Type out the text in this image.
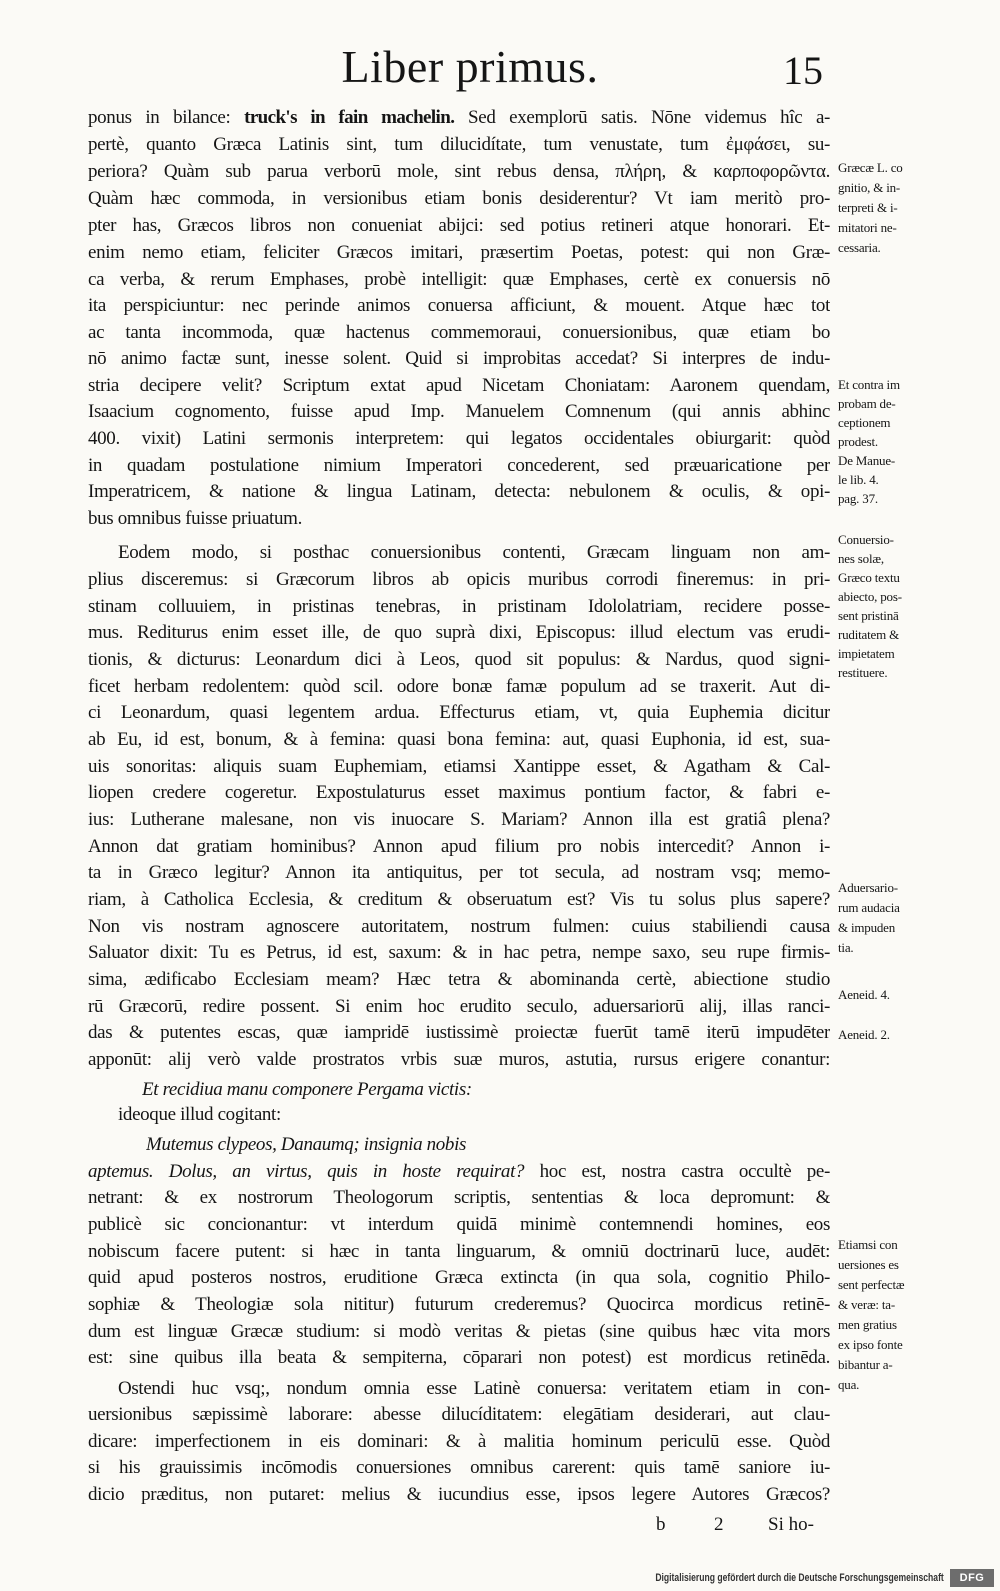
Liber primus.	15
ponus in bilance: truck's in fain machelin. Sed exemplorū satis. Nōne videmus hîc a-
pertè, quanto Græca Latinis sint, tum dilucidítate, tum venustate, tum ἐμφάσει, su-
periora? Quàm sub parua verborū mole, sint rebus densa, πλήρη, & καρποφορῶντα.
Quàm hæc commoda, in versionibus etiam bonis desiderentur? Vt iam meritò pro-
pter has, Græcos libros non conueniat abijci: sed potius retineri atque honorari. Et-
enim nemo etiam, feliciter Græcos imitari, præsertim Poetas, potest: qui non Græ-
ca verba, & rerum Emphases, probè intelligit: quæ Emphases, certè ex conuersis nō
ita perspiciuntur: nec perinde animos conuersa afficiunt, & mouent. Atque hæc tot
ac tanta incommoda, quæ hactenus commemoraui, conuersionibus, quæ etiam bo
nō animo factæ sunt, inesse solent. Quid si improbitas accedat? Si interpres de indu-
stria decipere velit? Scriptum extat apud Nicetam Choniatam: Aaronem quendam,
Isaacium cognomento, fuisse apud Imp. Manuelem Comnenum (qui annis abhinc
400. vixit) Latini sermonis interpretem: qui legatos occidentales obiurgarit: quòd
in quadam postulatione nimium Imperatori concederent, sed præuaricatione per
Imperatricem, & natione & lingua Latinam, detecta: nebulonem & oculis, & opi-
bus omnibus fuisse priuatum.
Eodem modo, si posthac conuersionibus contenti, Græcam linguam non am-
plius disceremus: si Græcorum libros ab opicis muribus corrodi fineremus: in pri-
stinam colluuiem, in pristinas tenebras, in pristinam Idololatriam, recidere posse-
mus. Rediturus enim esset ille, de quo suprà dixi, Episcopus: illud electum vas erudi-
tionis, & dicturus: Leonardum dici à Leos, quod sit populus: & Nardus, quod signi-
ficet herbam redolentem: quòd scil. odore bonæ famæ populum ad se traxerit. Aut di-
ci Leonardum, quasi legentem ardua. Effecturus etiam, vt, quia Euphemia dicitur
ab Eu, id est, bonum, & à femina: quasi bona femina: aut, quasi Euphonia, id est, sua-
uis sonoritas: aliquis suam Euphemiam, etiamsi Xantippe esset, & Agatham & Cal-
liopen credere cogeretur. Expostulaturus esset maximus pontium factor, & fabri e-
ius: Lutherane malesane, non vis inuocare S. Mariam? Annon illa est gratiâ plena?
Annon dat gratiam hominibus? Annon apud filium pro nobis intercedit? Annon i-
ta in Græco legitur? Annon ita antiquitus, per tot secula, ad nostram vsq; memo-
riam, à Catholica Ecclesia, & creditum & obseruatum est? Vis tu solus plus sapere?
Non vis nostram agnoscere autoritatem, nostrum fulmen: cuius stabiliendi causa
Saluator dixit: Tu es Petrus, id est, saxum: & in hac petra, nempe saxo, seu rupe firmis-
sima, ædificabo Ecclesiam meam? Hæc tetra & abominanda certè, abiectione studio
rū Græcorū, redire possent. Si enim hoc erudito seculo, aduersariorū alij, illas ranci-
das & putentes escas, quæ iampridē iustissimè proiectæ fuerūt tamē iterū impudēter
apponūt: alij verò valde prostratos vrbis suæ muros, astutia, rursus erigere conantur:
Et recidiua manu componere Pergama victis:
ideoque illud cogitant:
Mutemus clypeos, Danaumq; insignia nobis
aptemus. Dolus, an virtus, quis in hoste requirat? hoc est, nostra castra occultè pe-
netrant: & ex nostrorum Theologorum scriptis, sententias & loca depromunt: &
publicè sic concionantur: vt interdum quidā minimè contemnendi homines, eos
nobiscum facere putent: si hæc in tanta linguarum, & omniū doctrinarū luce, audēt:
quid apud posteros nostros, eruditione Græca extincta (in qua sola, cognitio Philo-
sophiæ & Theologiæ sola nititur) futurum crederemus? Quocirca mordicus retinē-
dum est linguæ Græcæ studium: si modò veritas & pietas (sine quibus hæc vita mors
est: sine quibus illa beata & sempiterna, cōparari non potest) est mordicus retinēda.
Ostendi huc vsq;, nondum omnia esse Latinè conuersa: veritatem etiam in con-
uersionibus sæpissimè laborare: abesse dilucíditatem: elegātiam desiderari, aut clau-
dicare: imperfectionem in eis dominari: & à malitia hominum periculū esse. Quòd
si his grauissimis incōmodis conuersiones omnibus carerent: quis tamē saniore iu-
dicio præditus, non putaret: melius & iucundius esse, ipsos legere Autores Græcos?
Græcæ L. co
gnitio, & in-
terpreti & i-
mitatori ne-
cessaria.
Et contra im
probam de-
ceptionem
prodest.
De Manue-
le lib. 4.
pag. 37.
Conuersio-
nes solæ,
Græco textu
abiecto, pos-
sent pristinā
ruditatem &
impietatem
restituere.
Aduersario-
rum audacia
& impuden
tia.
Aeneid. 4.
Aeneid. 2.
Etiamsi con
uersiones es
sent perfectæ
& veræ: ta-
men gratius
ex ipso fonte
bibantur a-
qua.
b	2 Si ho-
Digitalisierung gefördert durch die Deutsche Forschungsgemeinschaft	DFG
